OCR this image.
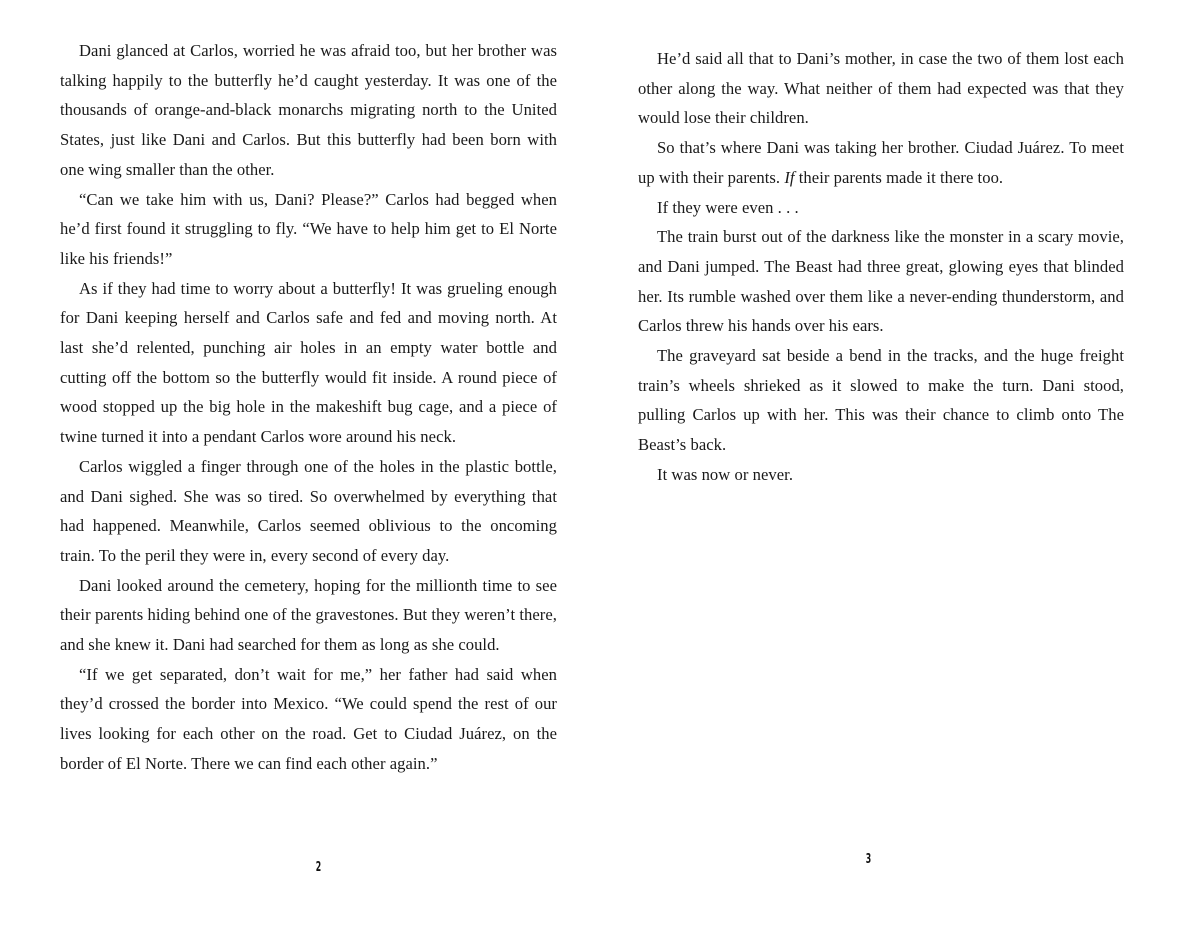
Dani glanced at Carlos, worried he was afraid too, but her brother was talking happily to the butterfly he’d caught yesterday. It was one of the thousands of orange-and-black monarchs migrating north to the United States, just like Dani and Carlos. But this butterfly had been born with one wing smaller than the other.

“Can we take him with us, Dani? Please?” Carlos had begged when he’d first found it struggling to fly. “We have to help him get to El Norte like his friends!”

As if they had time to worry about a butterfly! It was grueling enough for Dani keeping herself and Carlos safe and fed and moving north. At last she’d relented, punching air holes in an empty water bottle and cutting off the bottom so the butterfly would fit inside. A round piece of wood stopped up the big hole in the makeshift bug cage, and a piece of twine turned it into a pendant Carlos wore around his neck.

Carlos wiggled a finger through one of the holes in the plastic bottle, and Dani sighed. She was so tired. So overwhelmed by everything that had happened. Meanwhile, Carlos seemed oblivious to the oncoming train. To the peril they were in, every second of every day.

Dani looked around the cemetery, hoping for the millionth time to see their parents hiding behind one of the gravestones. But they weren’t there, and she knew it. Dani had searched for them as long as she could.

“If we get separated, don’t wait for me,” her father had said when they’d crossed the border into Mexico. “We could spend the rest of our lives looking for each other on the road. Get to Ciudad Juárez, on the border of El Norte. There we can find each other again.”

2

He’d said all that to Dani’s mother, in case the two of them lost each other along the way. What neither of them had expected was that they would lose their children.

So that’s where Dani was taking her brother. Ciudad Juárez. To meet up with their parents. If their parents made it there too.

If they were even . . .

The train burst out of the darkness like the monster in a scary movie, and Dani jumped. The Beast had three great, glowing eyes that blinded her. Its rumble washed over them like a never-ending thunderstorm, and Carlos threw his hands over his ears.

The graveyard sat beside a bend in the tracks, and the huge freight train’s wheels shrieked as it slowed to make the turn. Dani stood, pulling Carlos up with her. This was their chance to climb onto The Beast’s back.

It was now or never.

3
